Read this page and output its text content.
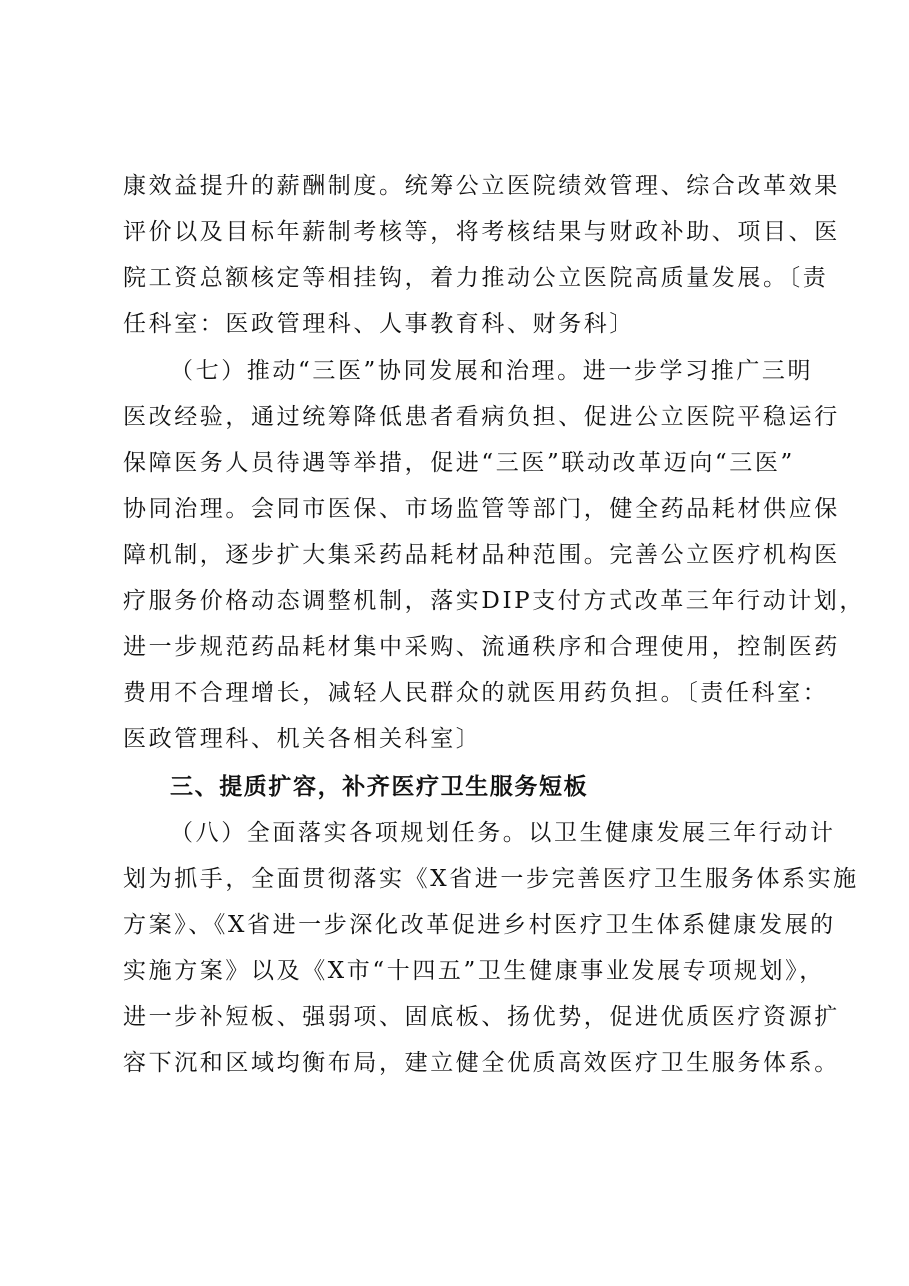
康效益提升的薪酬制度。统筹公立医院绩效管理、综合改革效果
评价以及目标年薪制考核等，将考核结果与财政补助、项目、医
院工资总额核定等相挂钩，着力推动公立医院高质量发展。〔责
任科室：医政管理科、人事教育科、财务科〕
（七）推动“三医”协同发展和治理。进一步学习推广三明
医改经验，通过统筹降低患者看病负担、促进公立医院平稳运行
保障医务人员待遇等举措，促进“三医”联动改革迈向“三医”
协同治理。会同市医保、市场监管等部门，健全药品耗材供应保
障机制，逐步扩大集采药品耗材品种范围。完善公立医疗机构医
疗服务价格动态调整机制，落实DIP支付方式改革三年行动计划，
进一步规范药品耗材集中采购、流通秩序和合理使用，控制医药
费用不合理增长，减轻人民群众的就医用药负担。〔责任科室：
医政管理科、机关各相关科室〕
三、提质扩容，补齐医疗卫生服务短板
（八）全面落实各项规划任务。以卫生健康发展三年行动计
划为抓手，全面贯彻落实《X省进一步完善医疗卫生服务体系实施
方案》、《X省进一步深化改革促进乡村医疗卫生体系健康发展的
实施方案》以及《X市“十四五”卫生健康事业发展专项规划》，
进一步补短板、强弱项、固底板、扬优势，促进优质医疗资源扩
容下沉和区域均衡布局，建立健全优质高效医疗卫生服务体系。
